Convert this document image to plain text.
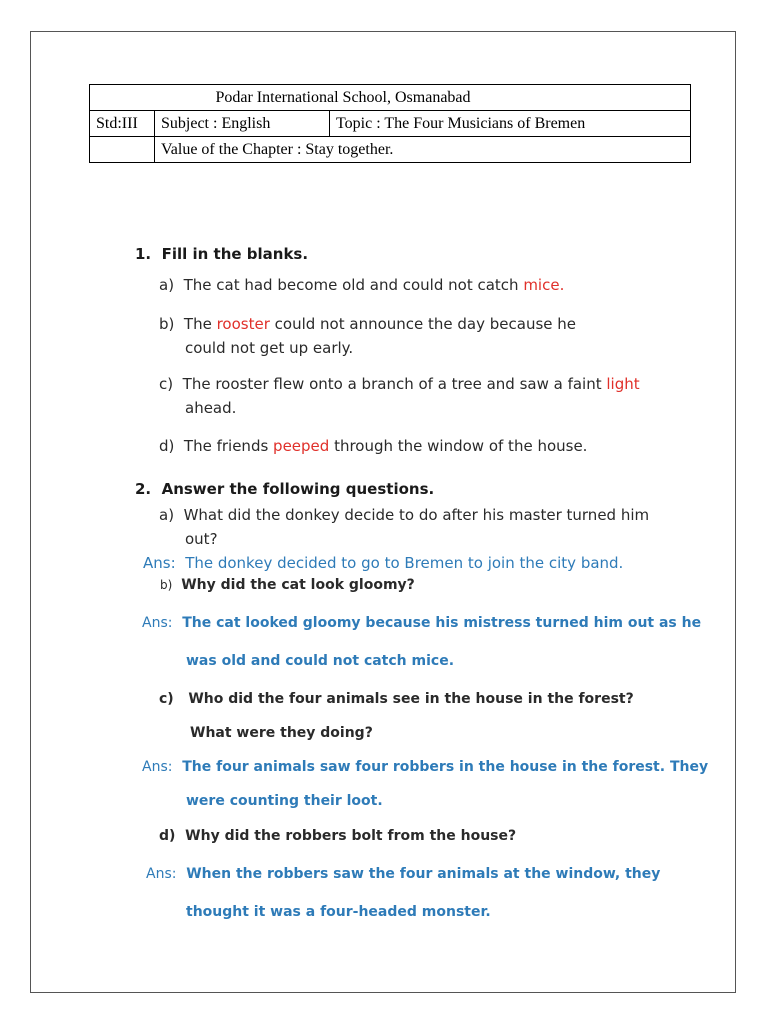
Podar International School, Osmanabad		
Std:III	Subject : English	Topic : The Four Musicians of Bremen
	Value of the Chapter : Stay together.	
1. Fill in the blanks.
a) The cat had become old and could not catch mice.
b) The rooster could not announce the day because he
could not get up early.
c) The rooster flew onto a branch of a tree and saw a faint light
ahead.
d) The friends peeped through the window of the house.
2. Answer the following questions.
a) What did the donkey decide to do after his master turned him
out?
Ans: The donkey decided to go to Bremen to join the city band.
b) Why did the cat look gloomy?
Ans: The cat looked gloomy because his mistress turned him out as he
was old and could not catch mice.
c) Who did the four animals see in the house in the forest?
What were they doing?
Ans: The four animals saw four robbers in the house in the forest. They
were counting their loot.
d) Why did the robbers bolt from the house?
Ans: When the robbers saw the four animals at the window, they
thought it was a four-headed monster.
